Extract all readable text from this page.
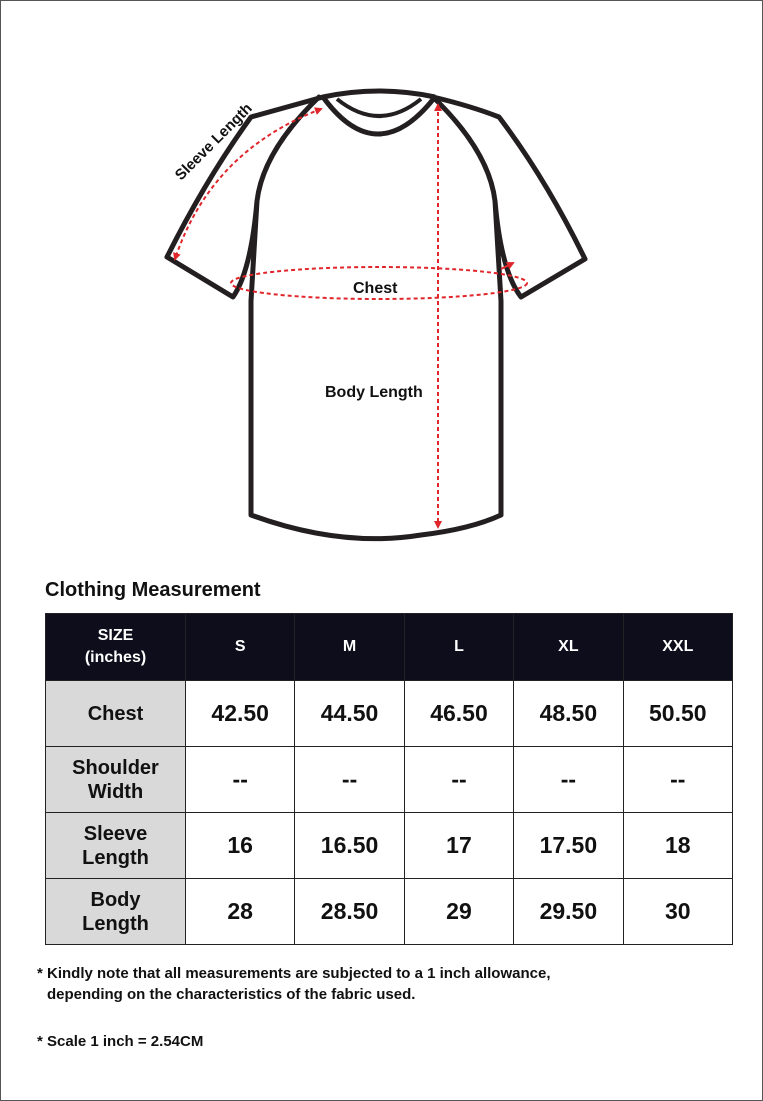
Sleeve Length
Chest
Body Length
Clothing Measurement
SIZE
(inches)	S	M	L	XL	XXL

Chest	42.50	44.50	46.50	48.50	50.50

Shoulder
Width	--	--	--	--	--

Sleeve
Length	16	16.50	17	17.50	18

Body
Length	28	28.50	29	29.50	30

* Kindly note that all measurements are subjected to a 1 inch allowance,
depending on the characteristics of the fabric used.

* Scale 1 inch = 2.54CM
